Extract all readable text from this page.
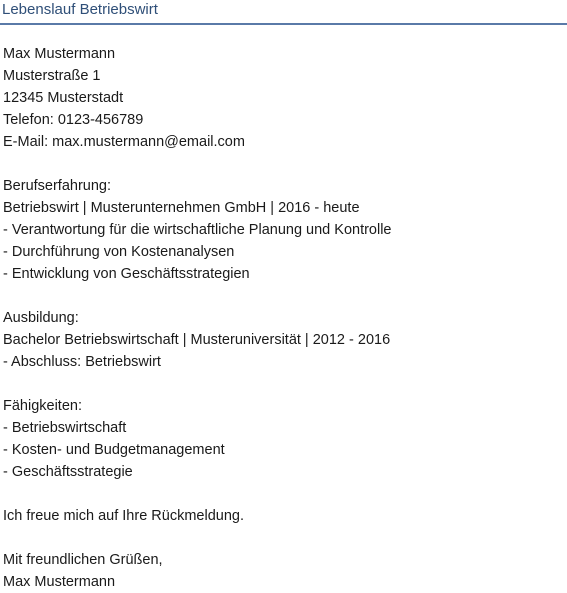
Lebenslauf Betriebswirt
Max Mustermann
Musterstraße 1
12345 Musterstadt
Telefon: 0123-456789
E-Mail: max.mustermann@email.com
Berufserfahrung:
Betriebswirt | Musterunternehmen GmbH | 2016 - heute
- Verantwortung für die wirtschaftliche Planung und Kontrolle
- Durchführung von Kostenanalysen
- Entwicklung von Geschäftsstrategien
Ausbildung:
Bachelor Betriebswirtschaft | Musteruniversität | 2012 - 2016
- Abschluss: Betriebswirt
Fähigkeiten:
- Betriebswirtschaft
- Kosten- und Budgetmanagement
- Geschäftsstrategie
Ich freue mich auf Ihre Rückmeldung.
Mit freundlichen Grüßen,
Max Mustermann
